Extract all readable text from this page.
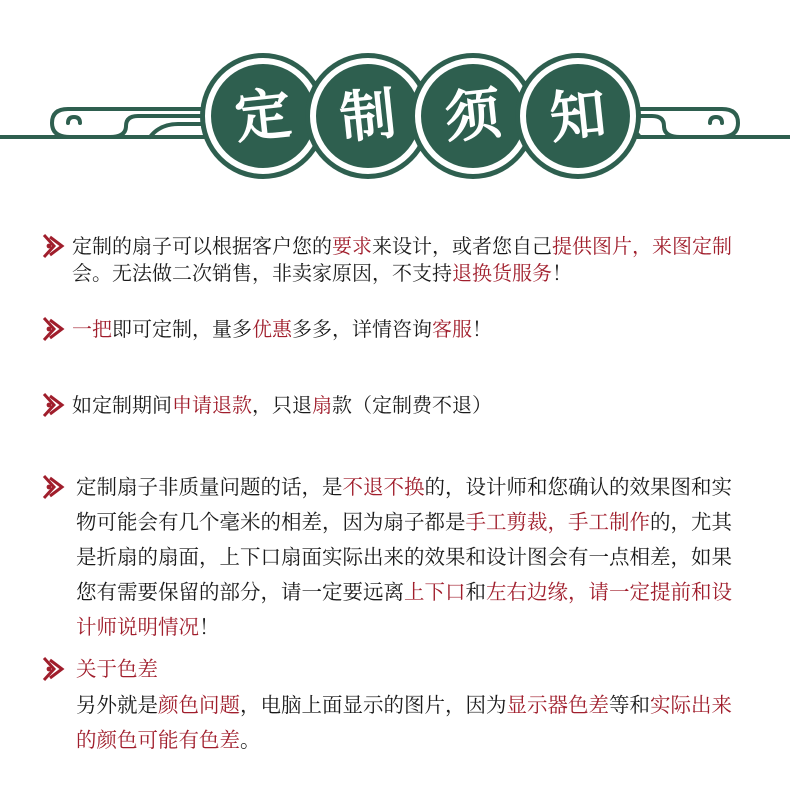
定 制 须 知
定制的扇子可以根据客户您的要求来设计，或者您自己提供图片，来图定制
会。无法做二次销售，非卖家原因，不支持退换货服务！
一把即可定制，量多优惠多多，详情咨询客服！
如定制期间申请退款，只退扇款（定制费不退）
定制扇子非质量问题的话，是不退不换的，设计师和您确认的效果图和实物可能会有几个毫米的相差，因为扇子都是手工剪裁，手工制作的，尤其是折扇的扇面，上下口扇面实际出来的效果和设计图会有一点相差，如果您有需要保留的部分，请一定要远离上下口和左右边缘，请一定提前和设计师说明情况！
关于色差
另外就是颜色问题，电脑上面显示的图片，因为显示器色差等和实际出来的颜色可能有色差。
